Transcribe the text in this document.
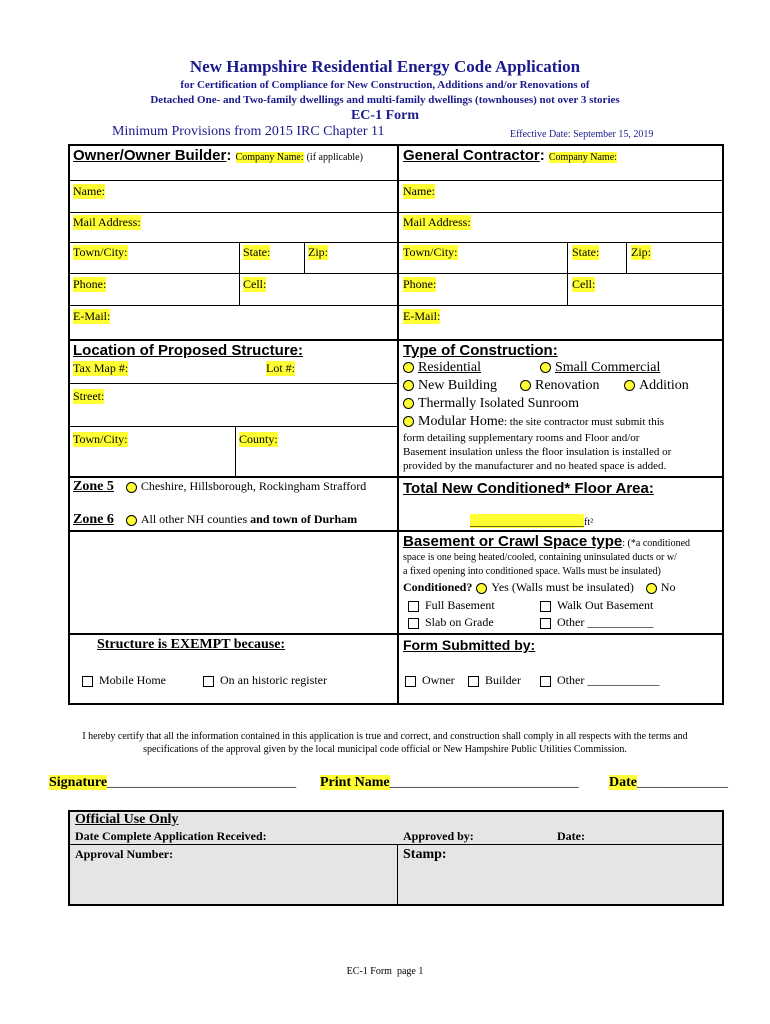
New Hampshire Residential Energy Code Application
for Certification of Compliance for New Construction, Additions and/or Renovations of
Detached One- and Two-family dwellings and multi-family dwellings (townhouses) not over 3 stories
EC-1 Form
Minimum Provisions from 2015 IRC Chapter 11	Effective Date: September 15, 2019
Owner/Owner Builder: Company Name: (if applicable)
Name:
Mail Address:
Town/City:	State:	Zip:
Phone:	Cell:
E-Mail:
General Contractor: Company Name:
Name:
Mail Address:
Town/City:	State:	Zip:
Phone:	Cell:
E-Mail:
Location of Proposed Structure:
Tax Map #:	Lot #:
Street:
Town/City:	County:
Type of Construction:
Residential	Small Commercial
New Building	Renovation	Addition
Thermally Isolated Sunroom
Modular Home: the site contractor must submit this
form detailing supplementary rooms and Floor and/or
Basement insulation unless the floor insulation is installed or
provided by the manufacturer and no heated space is added.
Zone 5 Cheshire, Hillsborough, Rockingham Strafford
Zone 6 All other NH counties and town of Durham
Total New Conditioned* Floor Area:
___________________ft²
Basement or Crawl Space type: (*a conditioned
space is one being heated/cooled, containing uninsulated ducts or w/
a fixed opening into conditioned space. Walls must be insulated)
Conditioned? Yes (Walls must be insulated) No
Full Basement	Walk Out Basement
Slab on Grade	Other ___________
Structure is EXEMPT because:
Mobile Home	On an historic register
Form Submitted by:
Owner	Builder	Other ____________
I hereby certify that all the information contained in this application is true and correct, and construction shall comply in all respects with the terms and
specifications of the approval given by the local municipal code official or New Hampshire Public Utilities Commission.
Signature___________________________ Print Name___________________________ Date_____________
Official Use Only
Date Complete Application Received:	Approved by:	Date:
Approval Number:	Stamp:
EC-1 Form  page 1
